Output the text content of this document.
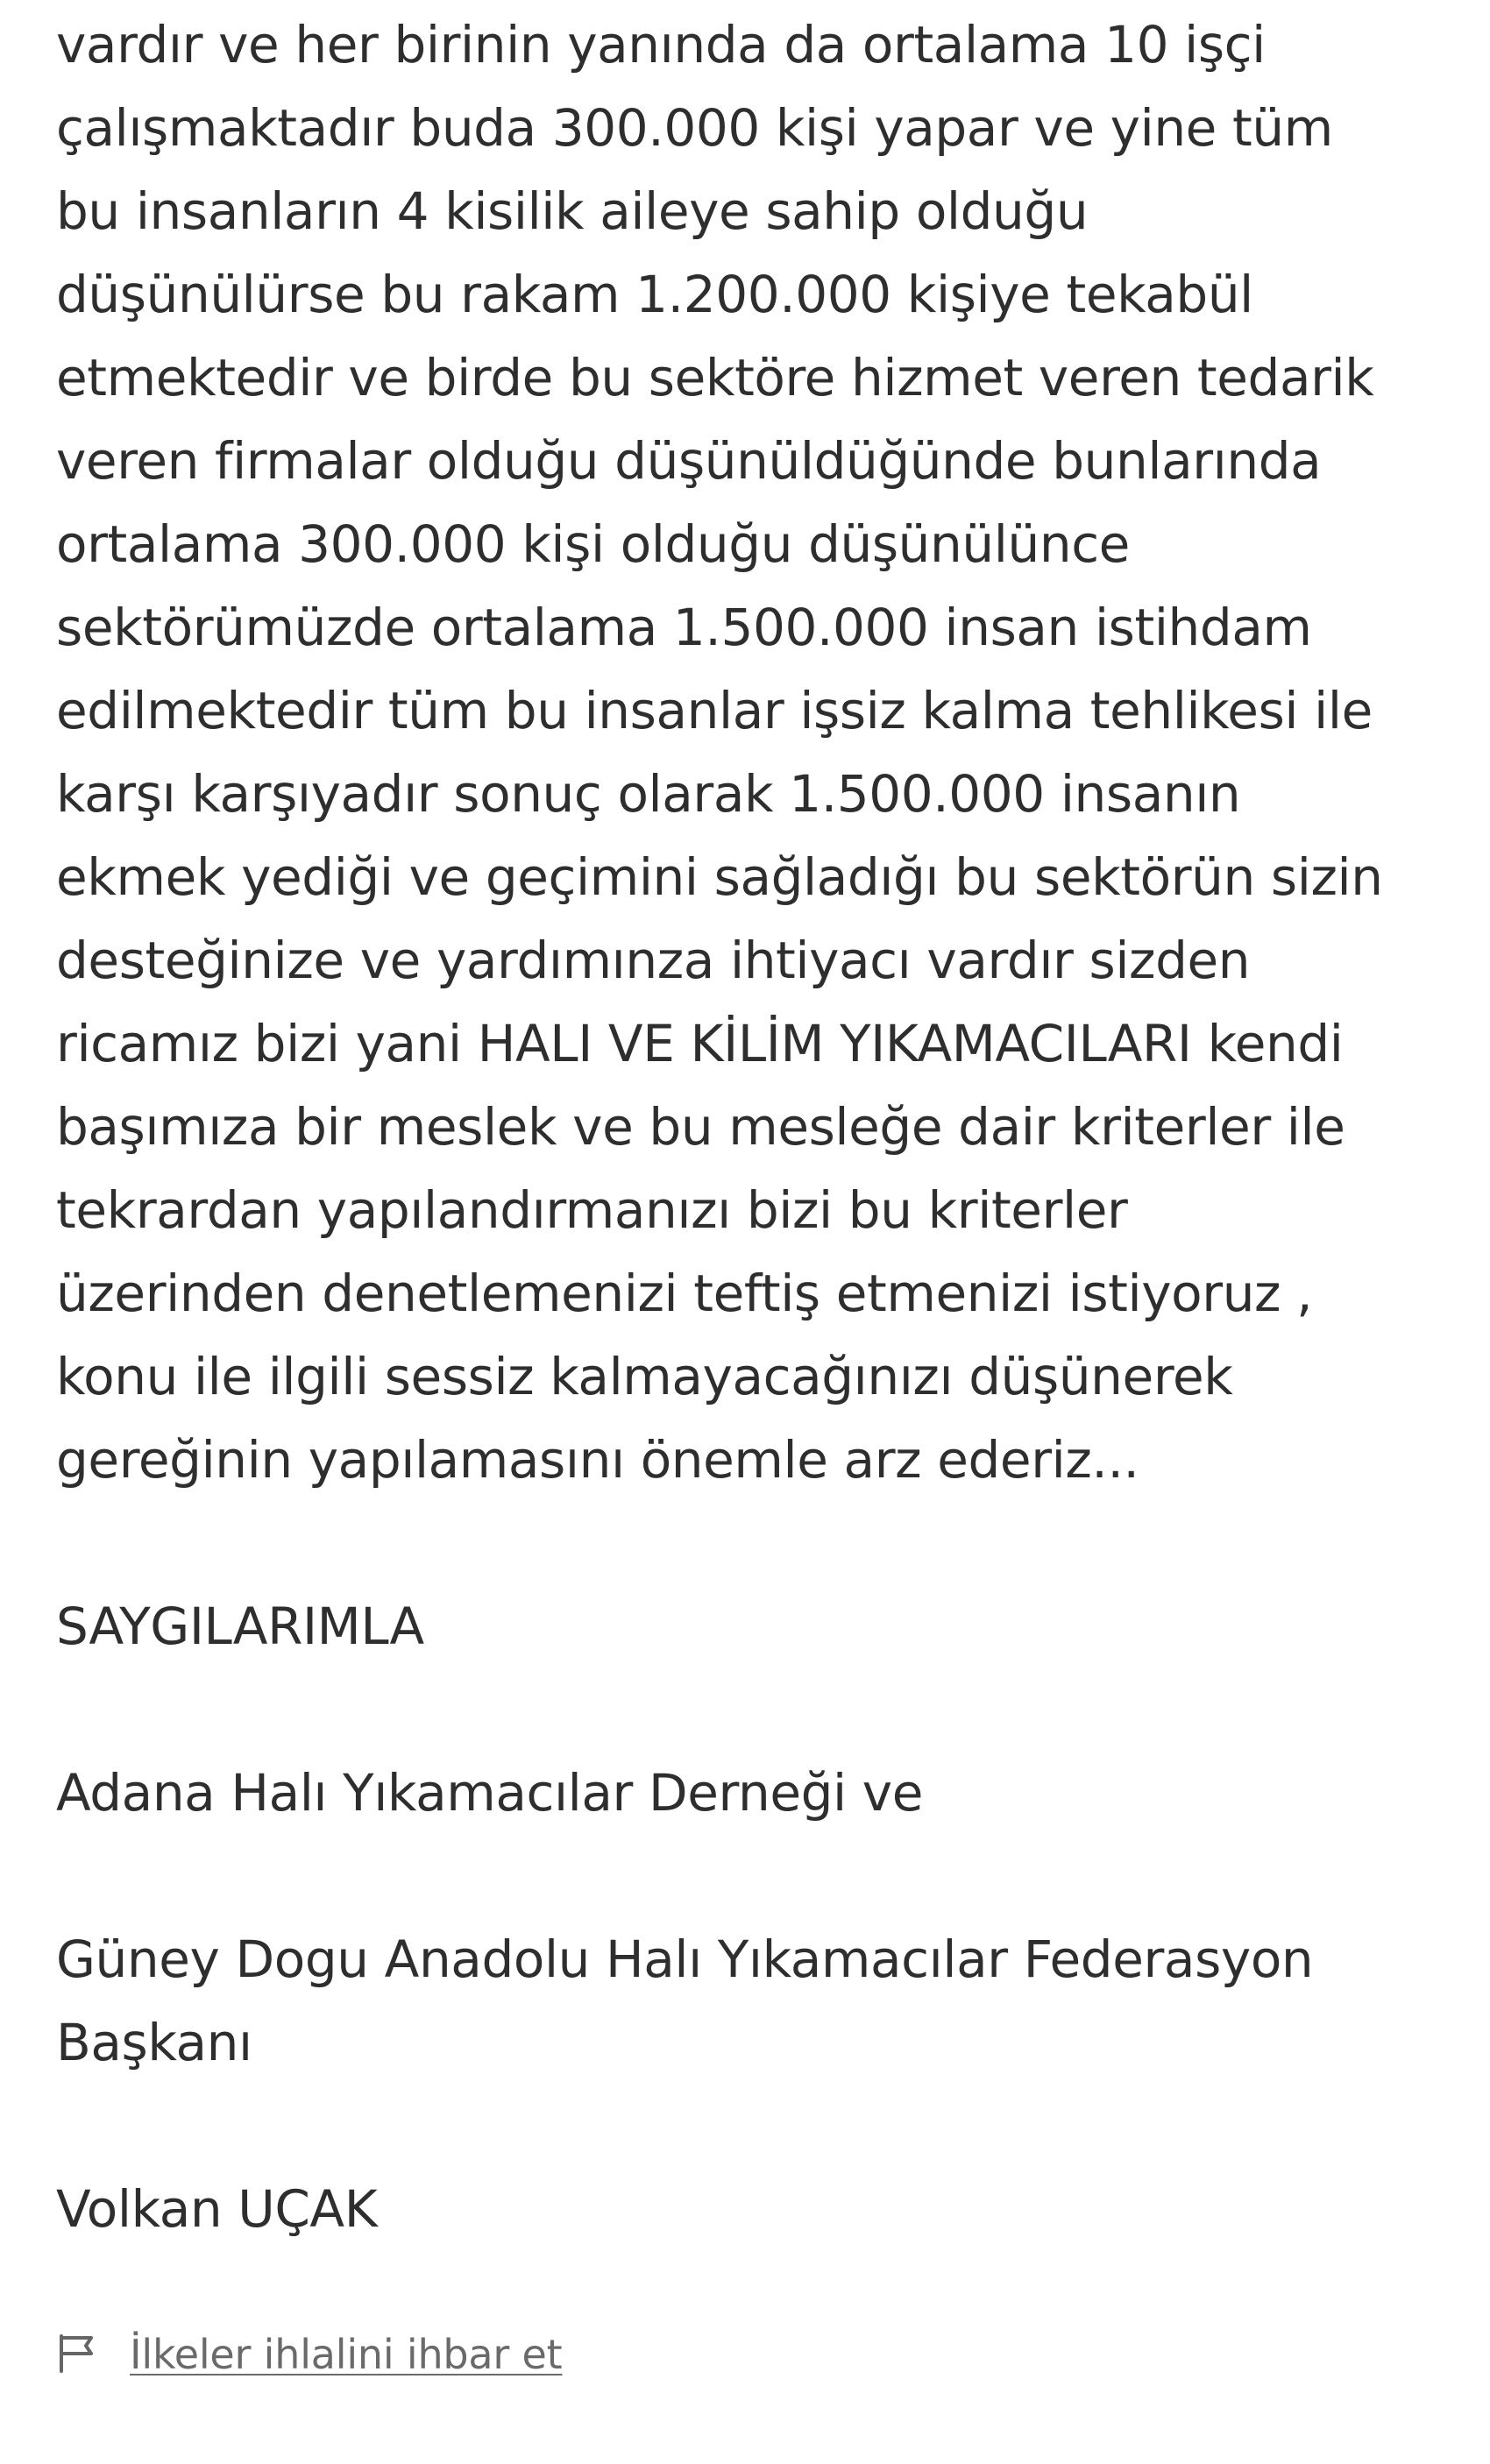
vardır ve her birinin yanında da ortalama 10 işçi
çalışmaktadır buda 300.000 kişi yapar ve yine tüm
bu insanların 4 kisilik aileye sahip olduğu
düşünülürse bu rakam 1.200.000 kişiye tekabül
etmektedir ve birde bu sektöre hizmet veren tedarik
veren firmalar olduğu düşünüldüğünde bunlarında
ortalama 300.000 kişi olduğu düşünülünce
sektörümüzde ortalama 1.500.000 insan istihdam
edilmektedir tüm bu insanlar işsiz kalma tehlikesi ile
karşı karşıyadır sonuç olarak 1.500.000 insanın
ekmek yediği ve geçimini sağladığı bu sektörün sizin
desteğinize ve yardımınza ihtiyacı vardır sizden
ricamız bizi yani HALI VE KİLİM YIKAMACILARI kendi
başımıza bir meslek ve bu mesleğe dair kriterler ile
tekrardan yapılandırmanızı bizi bu kriterler
üzerinden denetlemenizi teftiş etmenizi istiyoruz ,
konu ile ilgili sessiz kalmayacağınızı düşünerek
gereğinin yapılamasını önemle arz ederiz...

SAYGILARIMLA

Adana Halı Yıkamacılar Derneği ve

Güney Dogu Anadolu Halı Yıkamacılar Federasyon
Başkanı

Volkan UÇAK

İlkeler ihlalini ihbar et
